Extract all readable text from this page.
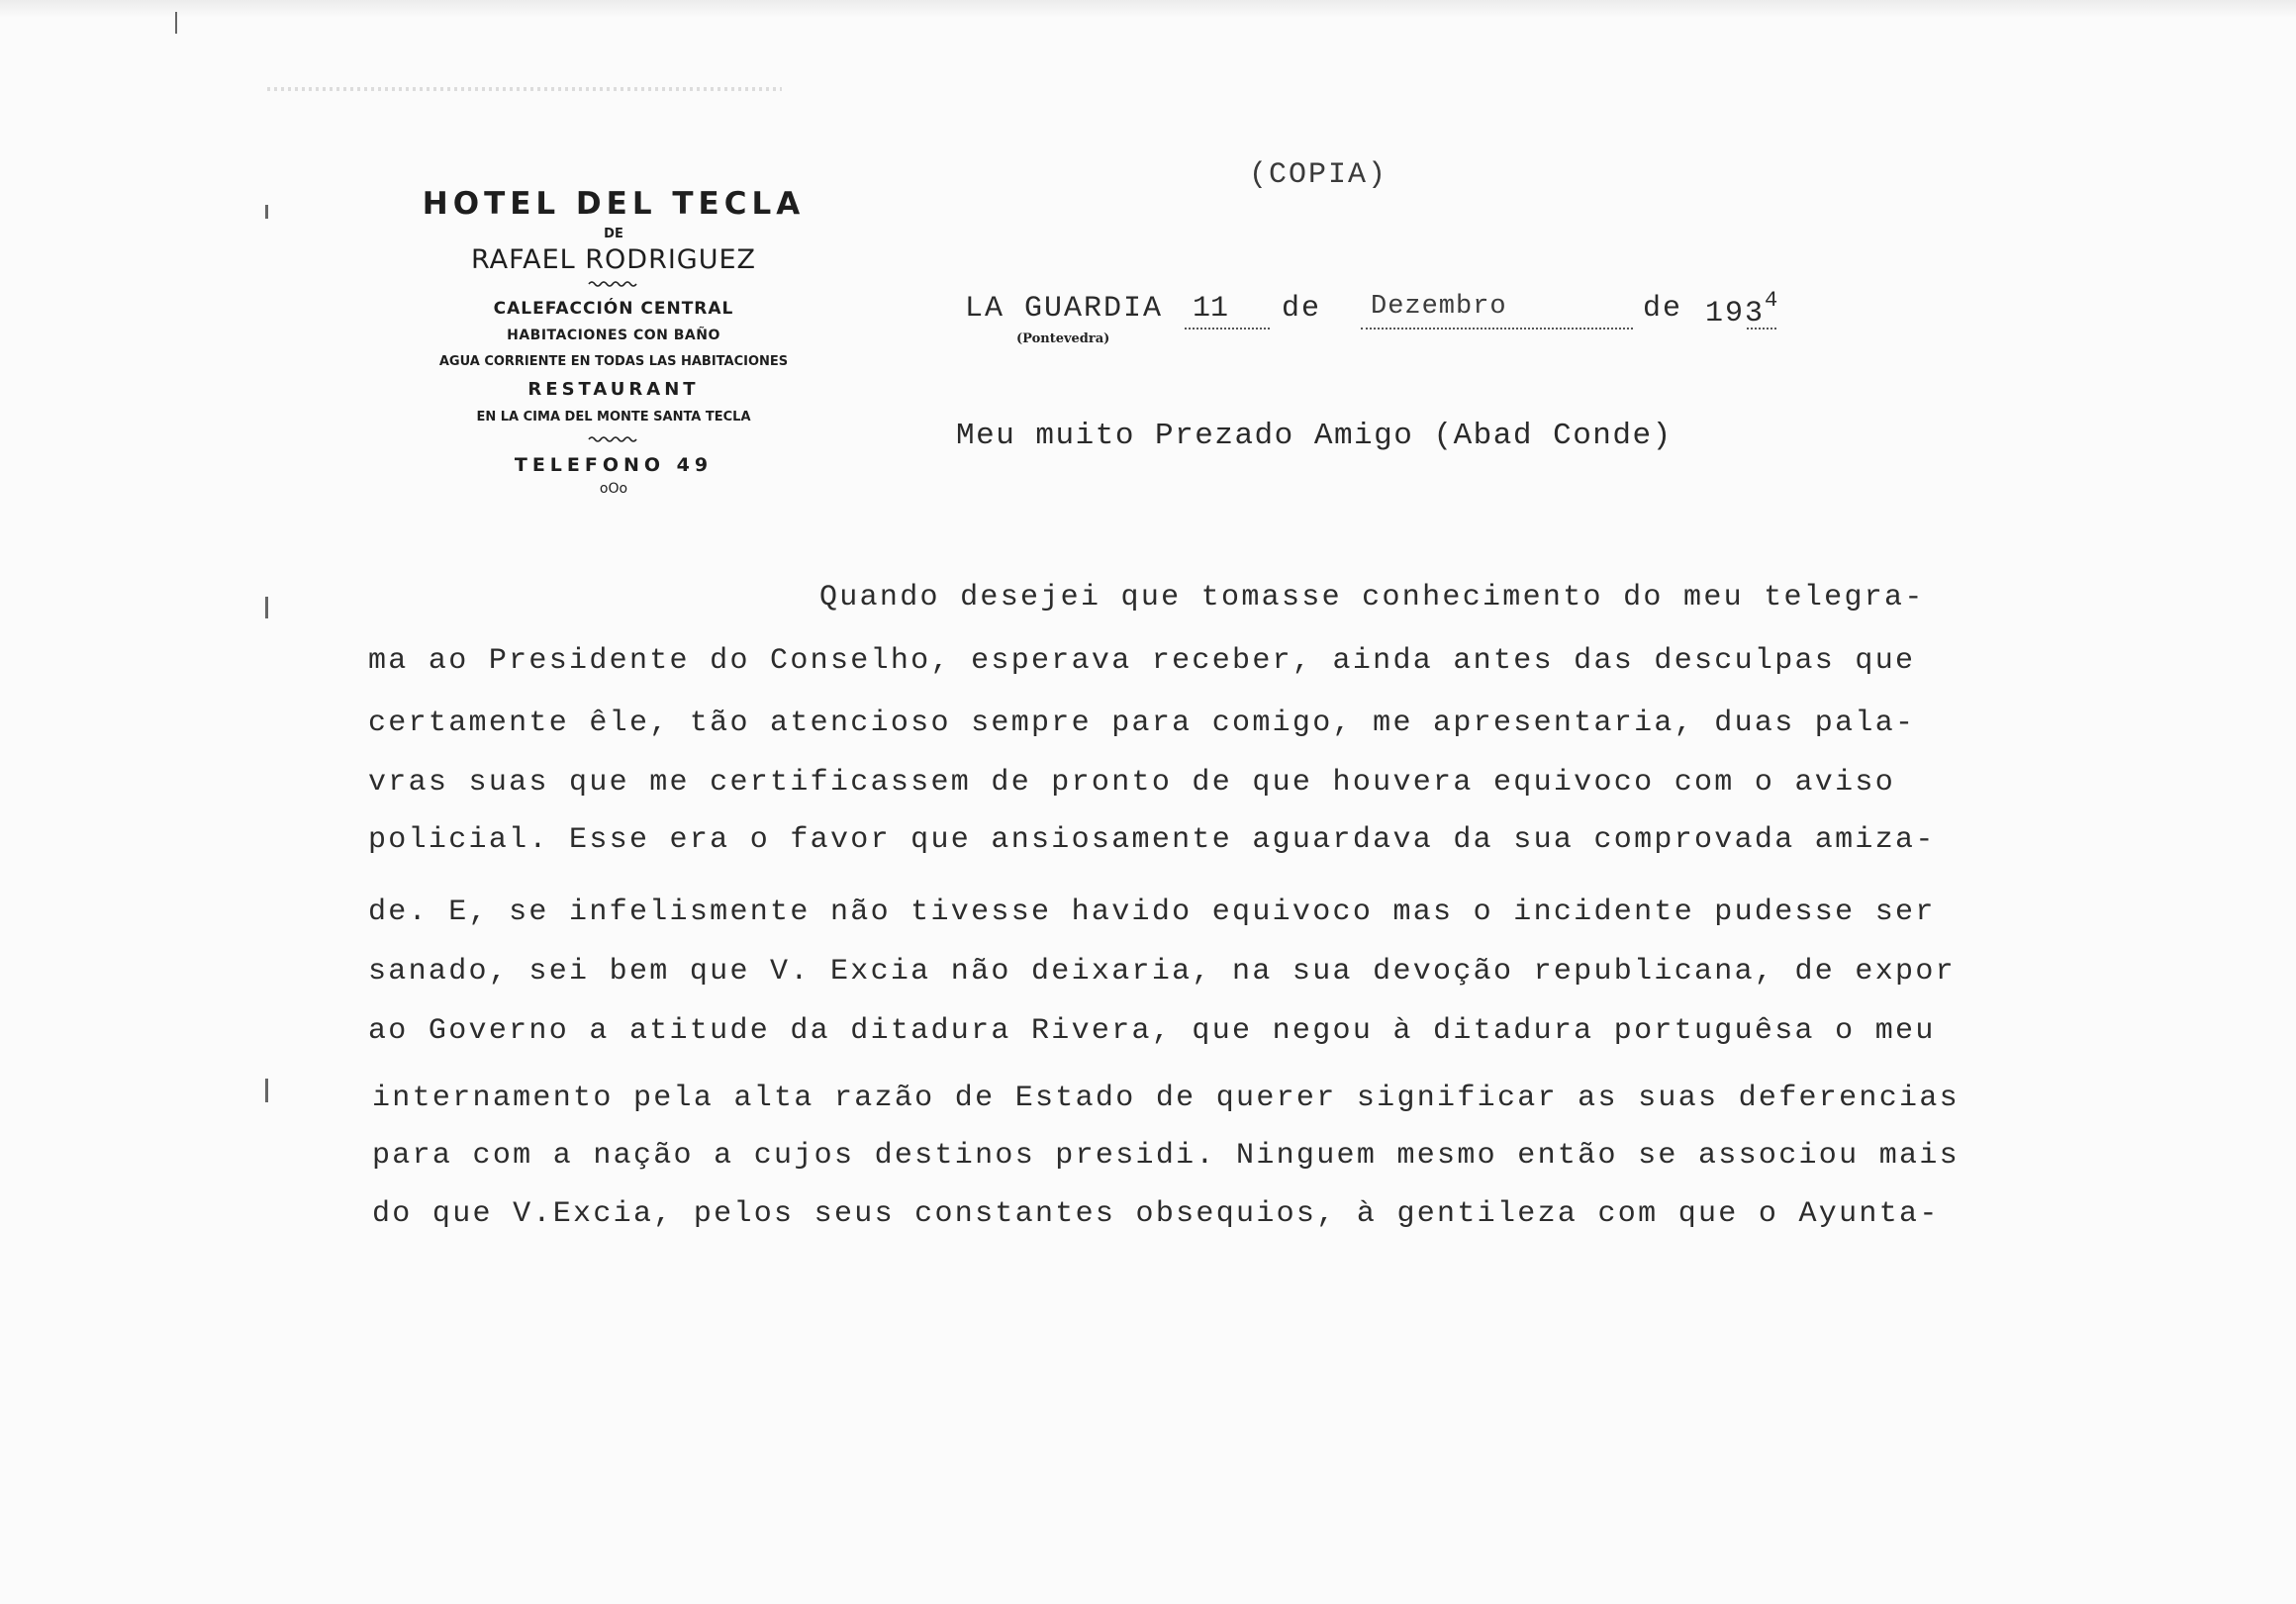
HOTEL DEL TECLA
DE
RAFAEL RODRIGUEZ
CALEFACCIÓN CENTRAL
HABITACIONES CON BAÑO
AGUA CORRIENTE EN TODAS LAS HABITACIONES
RESTAURANT
EN LA CIMA DEL MONTE SANTA TECLA
TELEFONO 49
oOo
(COPIA)
LA GUARDIA 11 de Dezembro	de $193^4$
(Pontevedra)
Meu muito Prezado Amigo (Abad Conde)
Quando desejei que tomasse conhecimento do meu telegra-
ma ao Presidente do Conselho, esperava receber, ainda antes das desculpas que
certamente êle, tão atencioso sempre para comigo, me apresentaria, duas pala-
vras suas que me certificassem de pronto de que houvera equivoco com o aviso
policial. Esse era o favor que ansiosamente aguardava da sua comprovada amiza-
de. E, se infelismente não tivesse havido equivoco mas o incidente pudesse ser
sanado, sei bem que V. Excia não deixaria, na sua devoção republicana, de expor
ao Governo a atitude da ditadura Rivera, que negou à ditadura portuguêsa o meu
internamento pela alta razão de Estado de querer significar as suas deferencias
para com a nação a cujos destinos presidi. Ninguem mesmo então se associou mais
do que V.Excia, pelos seus constantes obsequios, à gentileza com que o Ayunta-
